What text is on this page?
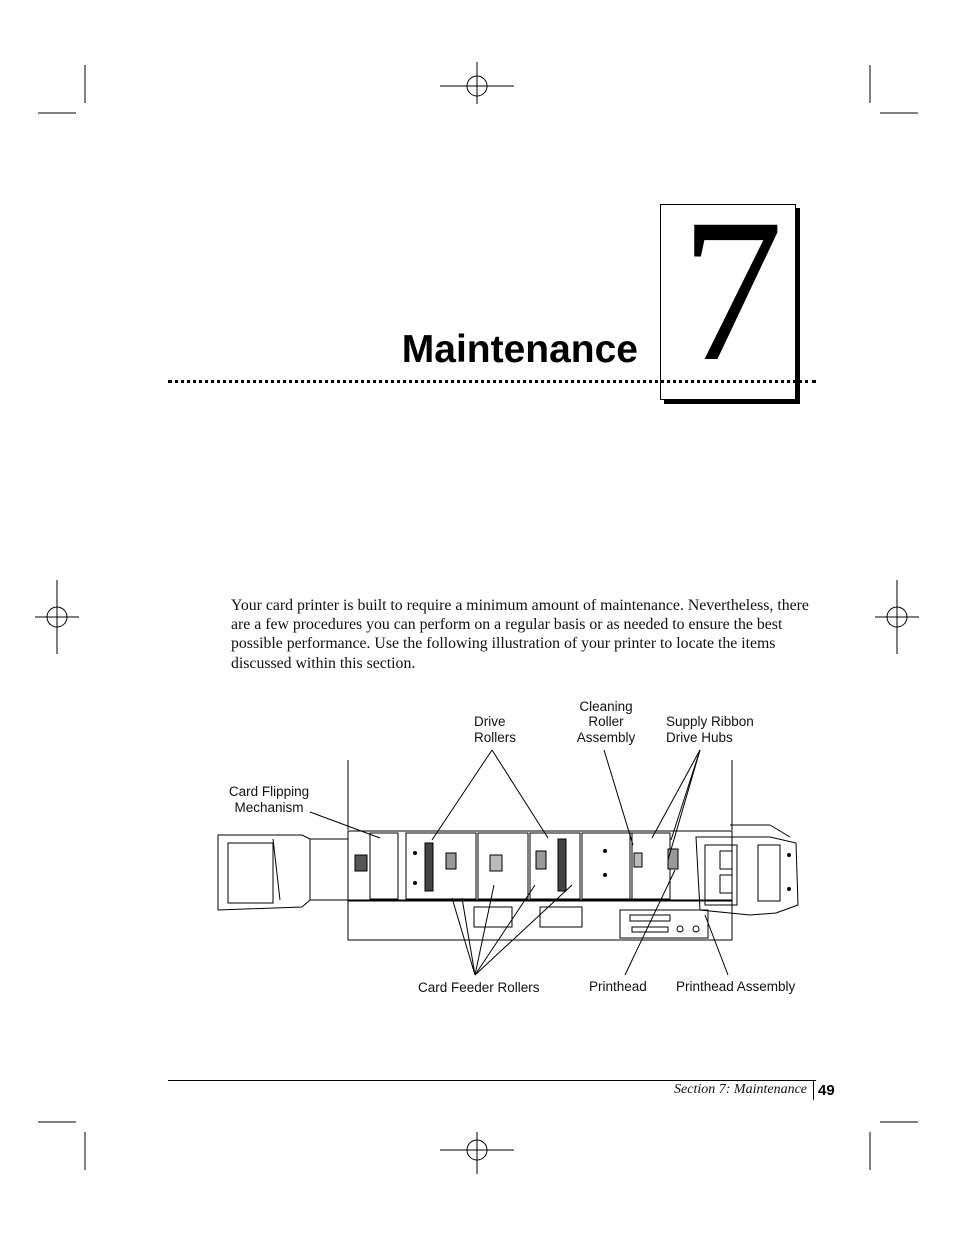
Maintenance 7

Your card printer is built to require a minimum amount of maintenance. Nevertheless, there are a few procedures you can perform on a regular basis or as needed to ensure the best possible performance. Use the following illustration of your printer to locate the items discussed within this section.

Drive
Rollers
Cleaning
Roller
Assembly
Supply Ribbon
Drive Hubs
Card Flipping
Mechanism
Card Feeder Rollers	Printhead Printhead Assembly
Section 7: Maintenance 49
